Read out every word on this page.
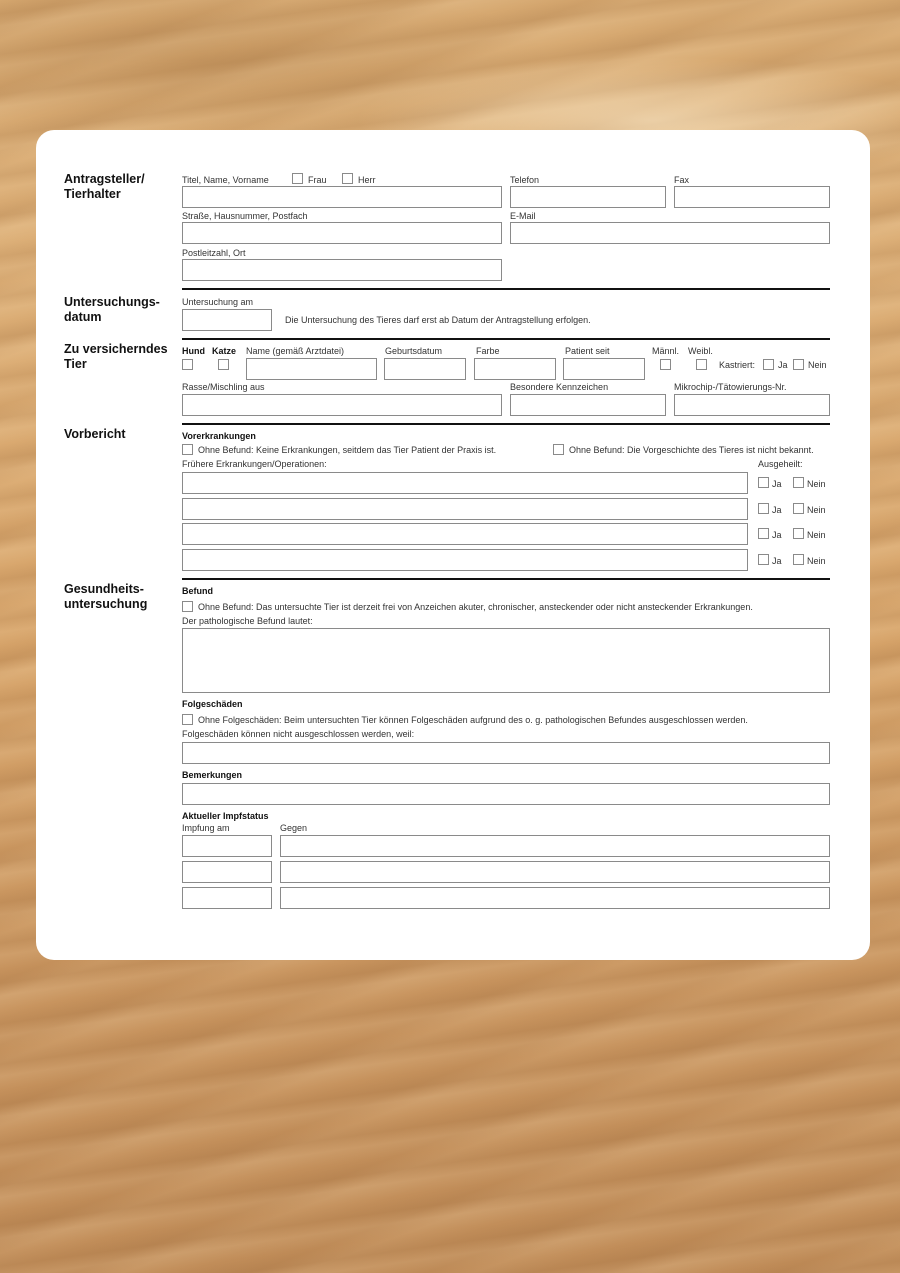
Antragsteller/
Tierhalter
Titel, Name, Vorname	Frau	Herr	Telefon	Fax
Straße, Hausnummer, Postfach	E-Mail
Postleitzahl, Ort
Untersuchungs-
datum
Untersuchung am
Die Untersuchung des Tieres darf erst ab Datum der Antragstellung erfolgen.
Zu versicherndes
Tier
Hund Katze Name (gemäß Arztdatei)	Geburtsdatum	Farbe	Patient seit	Männl. Weibl.
Kastriert:	Ja Nein
Rasse/Mischling aus	Besondere Kennzeichen	Mikrochip-/Tätowierungs-Nr.
Vorbericht	Vorerkrankungen
Ohne Befund: Keine Erkrankungen, seitdem das Tier Patient der Praxis ist.	Ohne Befund: Die Vorgeschichte des Tieres ist nicht bekannt.
Frühere Erkrankungen/Operationen:	Ausgeheilt:
Ja	Nein
Ja	Nein
Ja	Nein
Ja	Nein
Gesundheits-
untersuchung
Befund
Ohne Befund: Das untersuchte Tier ist derzeit frei von Anzeichen akuter, chronischer, ansteckender oder nicht ansteckender Erkrankungen.
Der pathologische Befund lautet:
Folgeschäden
Ohne Folgeschäden: Beim untersuchten Tier können Folgeschäden aufgrund des o. g. pathologischen Befundes ausgeschlossen werden.
Folgeschäden können nicht ausgeschlossen werden, weil:
Bemerkungen
Aktueller Impfstatus
Impfung am	Gegen
